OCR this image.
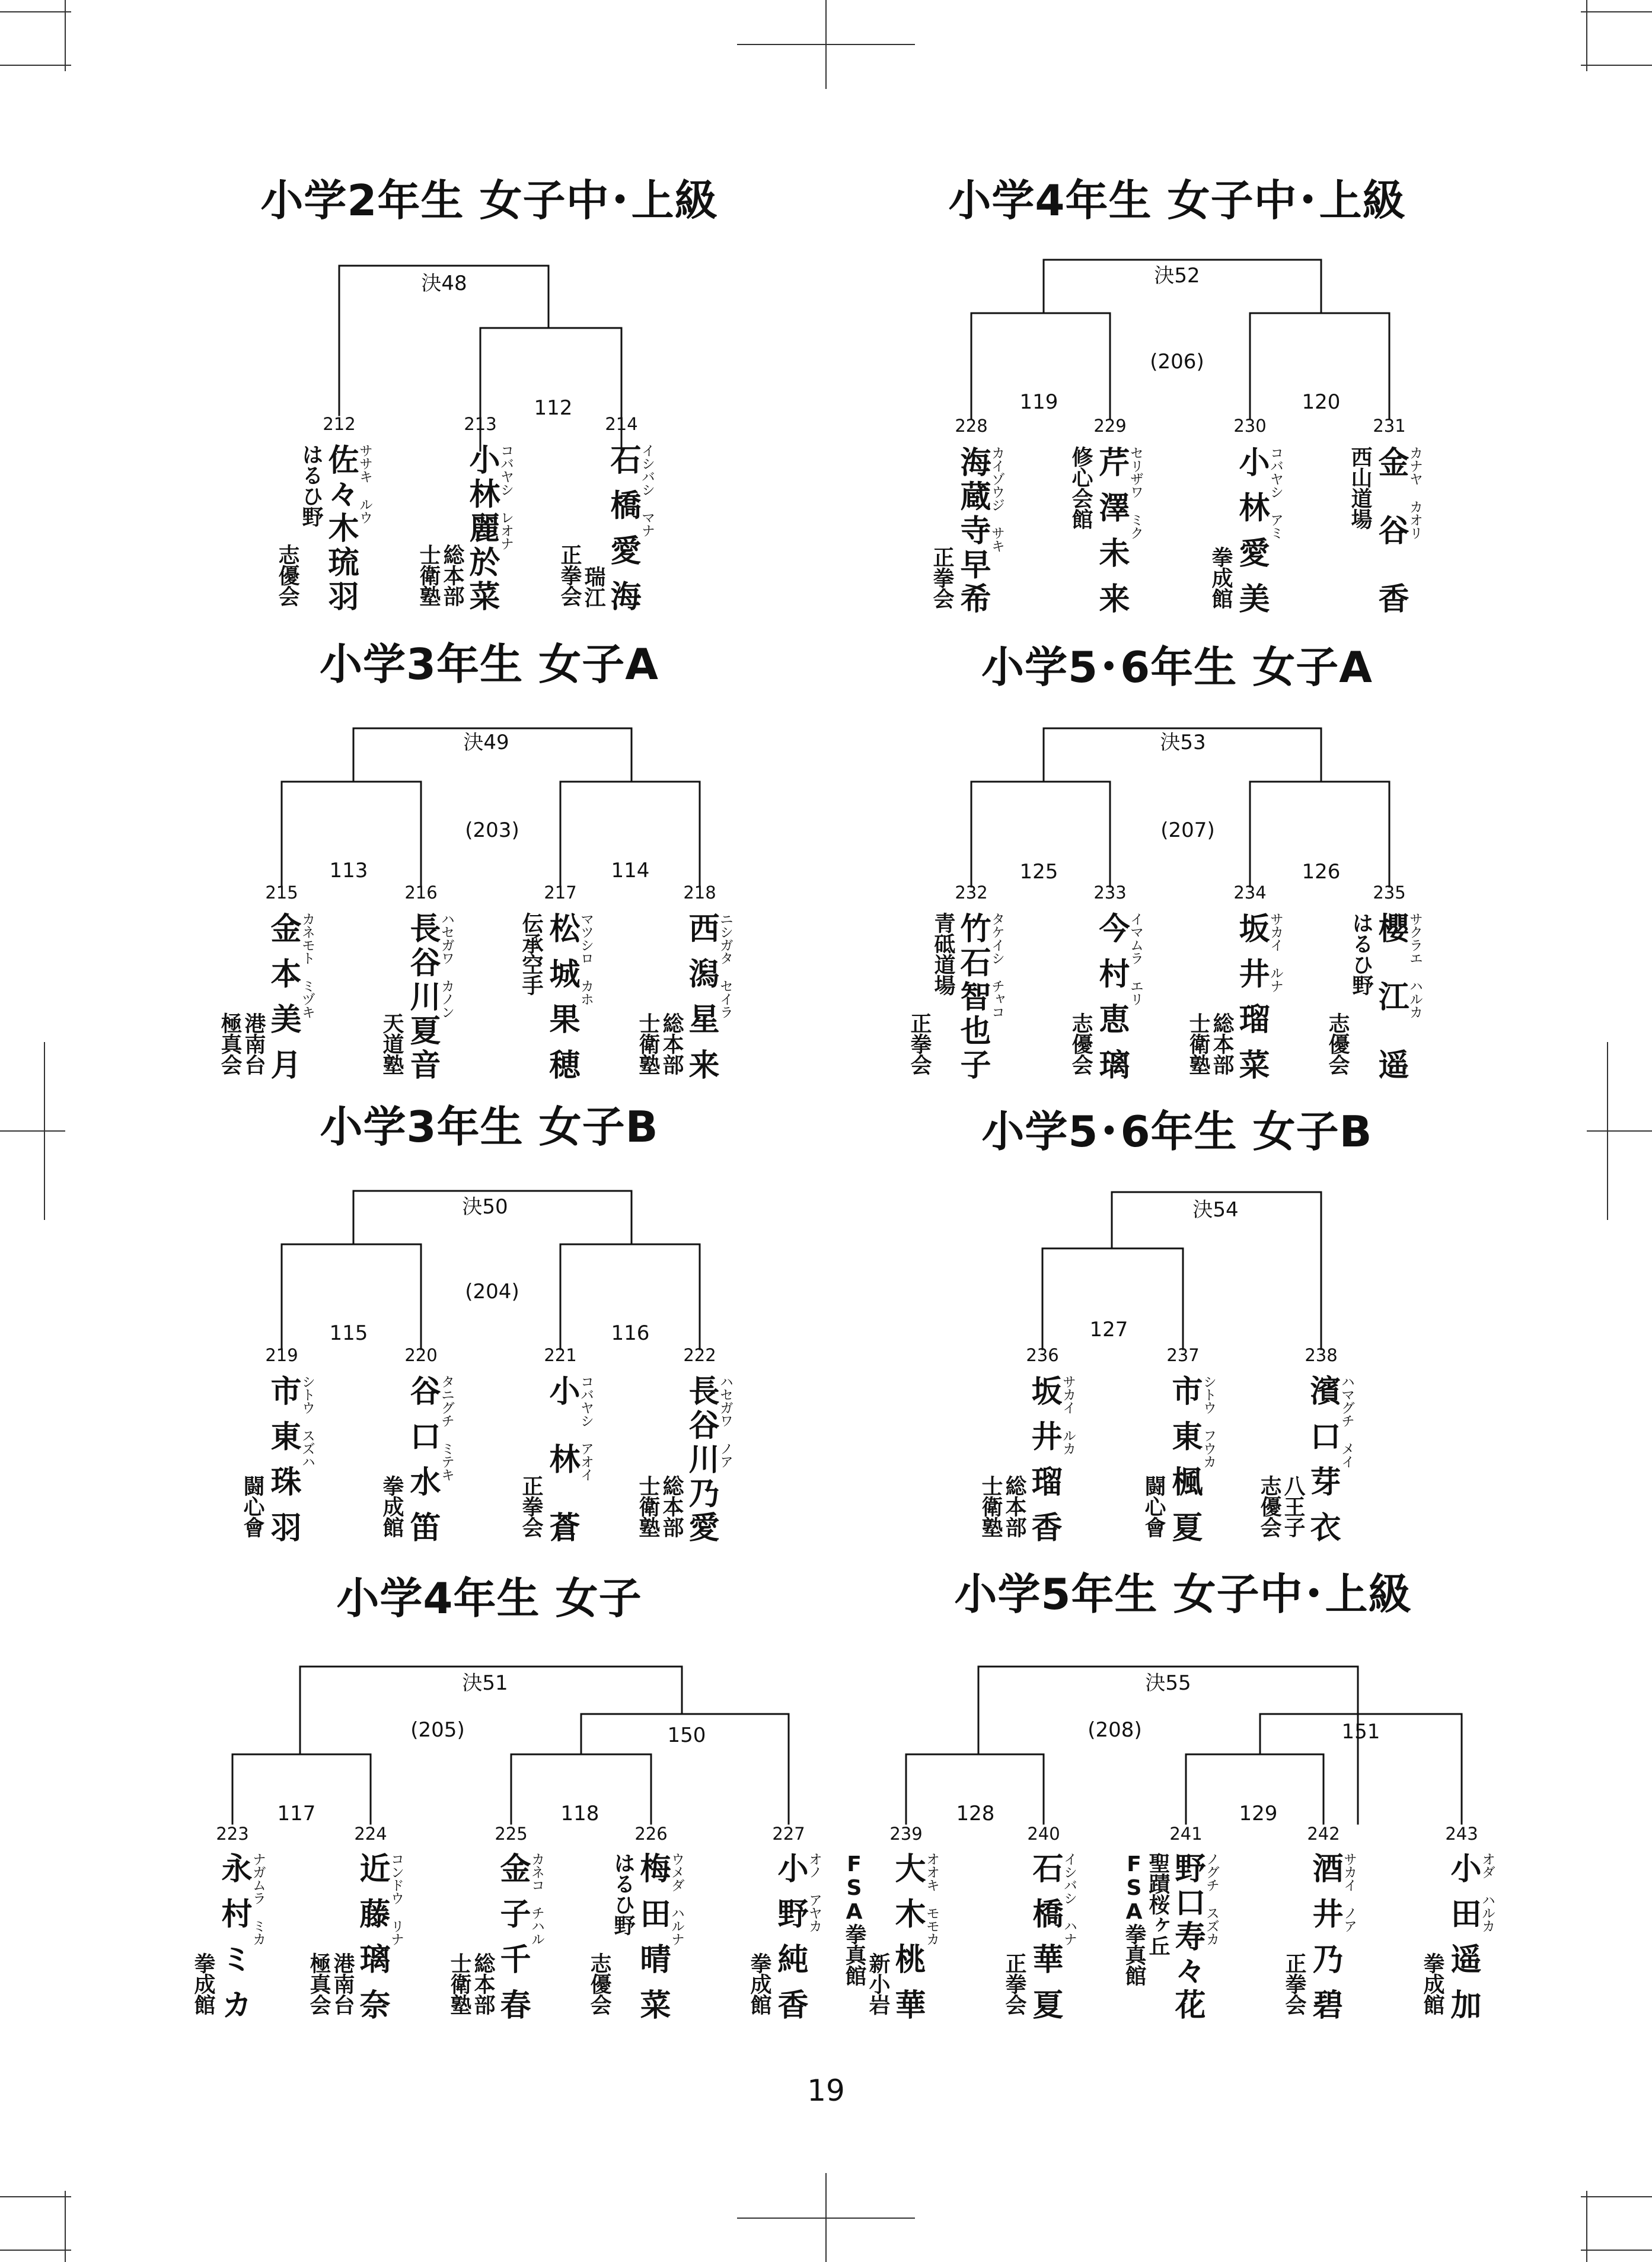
小学2年生 女子中･上級
決48
112
212
佐々木琉羽
ササキ ルウ
志優会
はるひ野
213
小林麗於菜
コバヤシ レオナ
士衛塾 総本部
214
石橋愛海
イシバシ マナ
正拳会 瑞江
小学4年生 女子中･上級
決52
(206)
119	120
228
海蔵寺早希
カイゾウジ サキ
正拳会
229
芹澤未来
セリザワ ミク
修心会館
230
小林愛美
コバヤシ アミ
拳成館
231
金谷香
カナヤ カオリ
西山道場
小学3年生 女子A
決49
(203)
113	114
215
金本美月
カネモト ミヅキ
極真会 港南台
216
長谷川夏音
ハセガワ カノン
天道塾
217
松城果穂
マツシロ カホ
伝承空手
218
西潟星来
ニシガタ セイラ
士衛塾 総本部
小学5･6年生 女子A
決53
(207)
125	126
232
竹石智也子
タケイシ チャコ
正拳会
青砥道場
233
今村恵璃
イマムラ エリ
志優会
234
坂井瑠菜
サカイ ルナ
士衛塾 総本部
235
櫻江遥
サクラエ ハルカ
志優会
はるひ野
小学3年生 女子B
決50
(204)
115	116
219
市東珠羽
シトウ スズハ
闘心會
220
谷口水笛
タニグチ ミテキ
拳成館
221
小林蒼
コバヤシ アオイ
正拳会
222
長谷川乃愛
ハセガワ ノア
士衛塾 総本部
小学5･6年生 女子B
決54
127
236
坂井瑠香
サカイ ルカ
士衛塾 総本部
237
市東楓夏
シトウ フウカ
闘心會
238
濱口芽衣
ハマグチ メイ
志優会 八王子
小学4年生 女子
決51
(205)
117	118
150
223
永村ミカ
ナガムラ ミカ
拳成館
224
近藤璃奈
コンドウ リナ
極真会 港南台
225
金子千春
カネコ チハル
士衛塾 総本部
226
梅田晴菜
ウメダ ハルナ
志優会
はるひ野
227
小野純香
オノ アヤカ
拳成館
小学5年生 女子中･上級
決55
(208)
128	129
151
239
大木桃華
オオキ モモカ
FSA拳真館 新小岩
240
石橋華夏
イシバシ ハナ
正拳会
241
野口寿々花
ノグチ スズカ
FSA拳真館 聖蹟桜ヶ丘
242
酒井乃碧
サカイ ノア
正拳会
243
小田遥加
オダ ハルカ
拳成館
19
